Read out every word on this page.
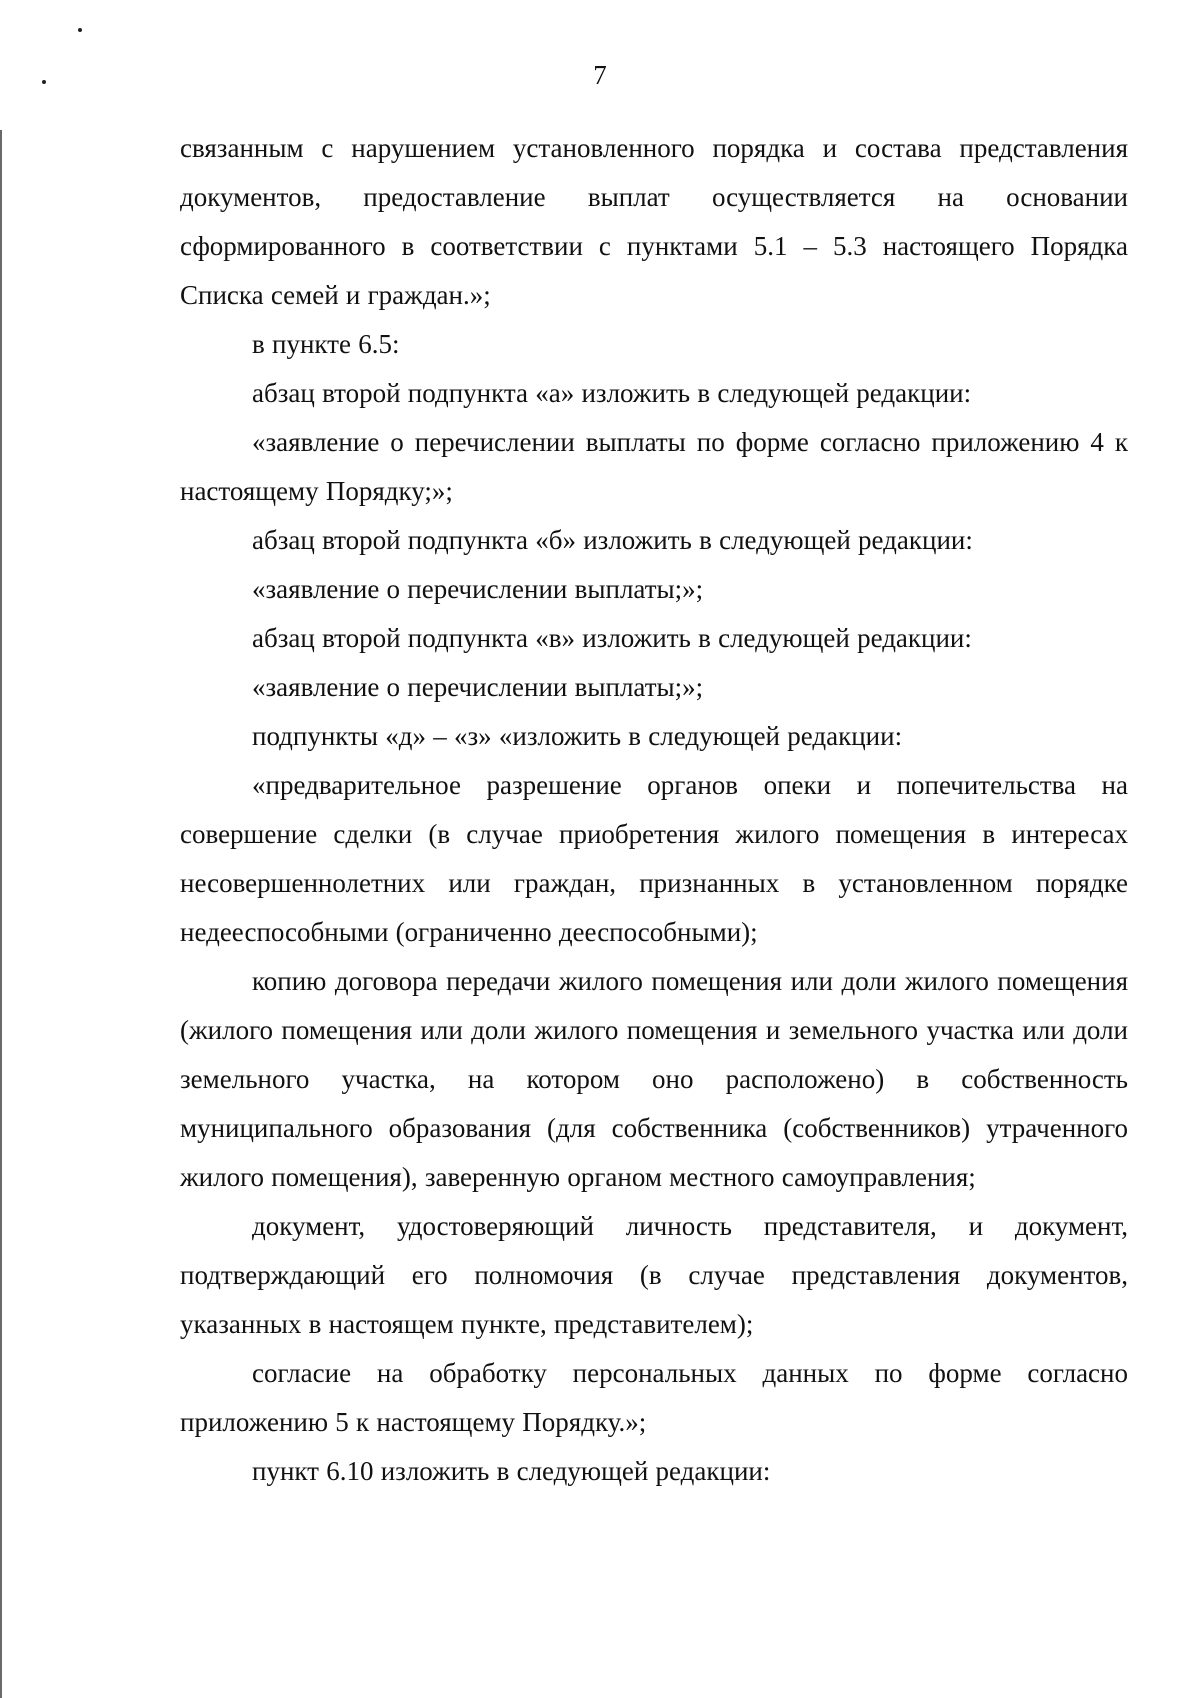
7

связанным с нарушением установленного порядка и состава представления документов, предоставление выплат осуществляется на основании сформированного в соответствии с пунктами 5.1 – 5.3 настоящего Порядка Списка семей и граждан.»;

в пункте 6.5:

абзац второй подпункта «а» изложить в следующей редакции:

«заявление о перечислении выплаты по форме согласно приложению 4 к настоящему Порядку;»;

абзац второй подпункта «б» изложить в следующей редакции:

«заявление о перечислении выплаты;»;

абзац второй подпункта «в» изложить в следующей редакции:

«заявление о перечислении выплаты;»;

подпункты «д» – «з» «изложить в следующей редакции:

«предварительное разрешение органов опеки и попечительства на совершение сделки (в случае приобретения жилого помещения в интересах несовершеннолетних или граждан, признанных в установленном порядке недееспособными (ограниченно дееспособными);

копию договора передачи жилого помещения или доли жилого помещения (жилого помещения или доли жилого помещения и земельного участка или доли земельного участка, на котором оно расположено) в собственность муниципального образования (для собственника (собственников) утраченного жилого помещения), заверенную органом местного самоуправления;

документ, удостоверяющий личность представителя, и документ, подтверждающий его полномочия (в случае представления документов, указанных в настоящем пункте, представителем);

согласие на обработку персональных данных по форме согласно приложению 5 к настоящему Порядку.»;

пункт 6.10 изложить в следующей редакции:
